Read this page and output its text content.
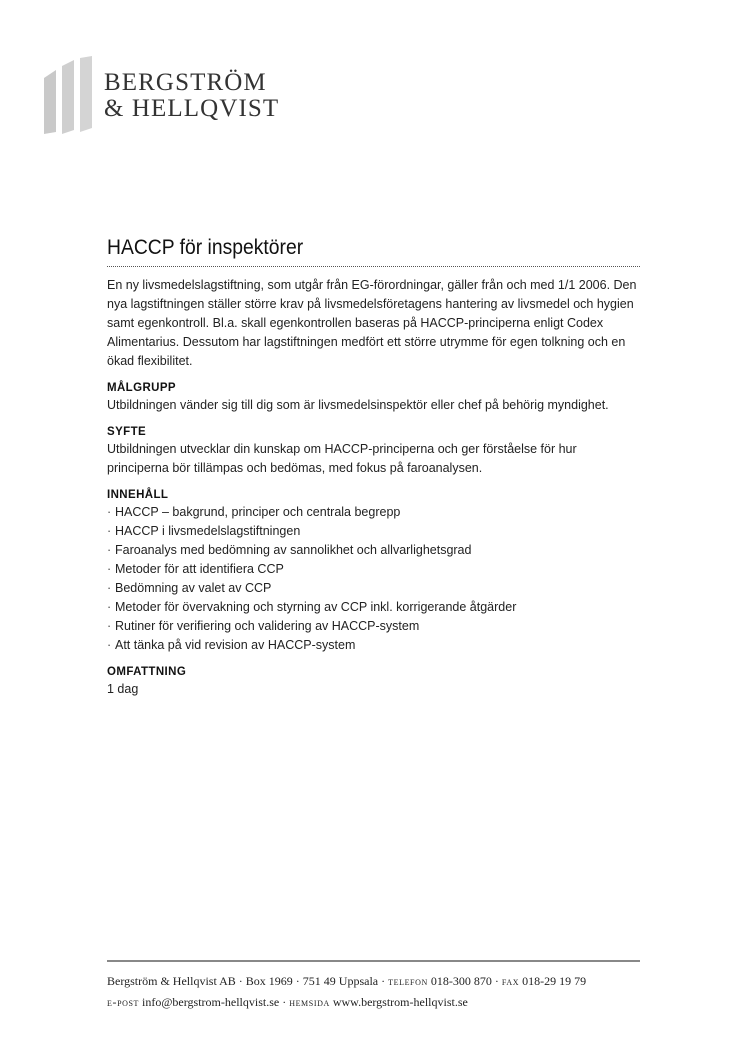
BERGSTRÖM
& HELLQVIST
HACCP för inspektörer

En ny livsmedelslagstiftning, som utgår från EG-förordningar, gäller från och med 1/1 2006. Den nya lagstiftningen ställer större krav på livsmedelsföretagens hantering av livsmedel och hygien samt egenkontroll. Bl.a. skall egenkontrollen baseras på HACCP-principerna enligt Codex Alimentarius. Dessutom har lagstiftningen medfört ett större utrymme för egen tolkning och en ökad flexibilitet.

MÅLGRUPP

Utbildningen vänder sig till dig som är livsmedelsinspektör eller chef på behörig myndighet.

SYFTE

Utbildningen utvecklar din kunskap om HACCP-principerna och ger förståelse för hur principerna bör tillämpas och bedömas, med fokus på faroanalysen.

INNEHÅLL
· HACCP – bakgrund, principer och centrala begrepp
· HACCP i livsmedelslagstiftningen
· Faroanalys med bedömning av sannolikhet och allvarlighetsgrad
· Metoder för att identifiera CCP
· Bedömning av valet av CCP
· Metoder för övervakning och styrning av CCP inkl. korrigerande åtgärder
· Rutiner för verifiering och validering av HACCP-system
· Att tänka på vid revision av HACCP-system
OMFATTNING

1 dag

Bergström & Hellqvist AB · Box 1969 · 751 49 Uppsala · telefon 018-300 870 · fax 018-29 19 79
e-post info@bergstrom-hellqvist.se · hemsida www.bergstrom-hellqvist.se
